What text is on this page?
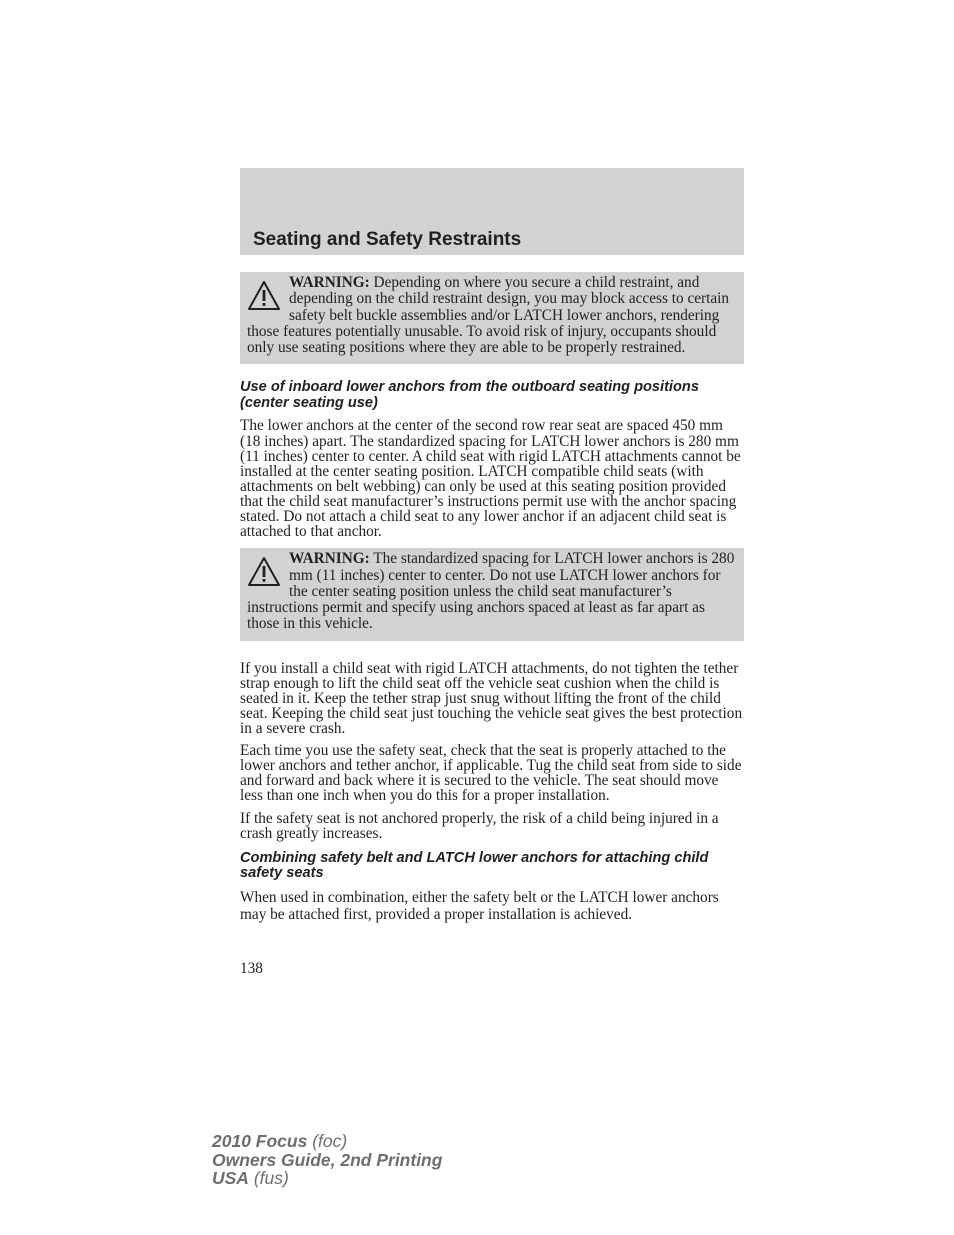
Seating and Safety Restraints
WARNING: Depending on where you secure a child restraint, and depending on the child restraint design, you may block access to certain safety belt buckle assemblies and/or LATCH lower anchors, rendering those features potentially unusable. To avoid risk of injury, occupants should only use seating positions where they are able to be properly restrained.
Use of inboard lower anchors from the outboard seating positions (center seating use)

The lower anchors at the center of the second row rear seat are spaced 450 mm (18 inches) apart. The standardized spacing for LATCH lower anchors is 280 mm (11 inches) center to center. A child seat with rigid LATCH attachments cannot be installed at the center seating position. LATCH compatible child seats (with attachments on belt webbing) can only be used at this seating position provided that the child seat manufacturer’s instructions permit use with the anchor spacing stated. Do not attach a child seat to any lower anchor if an adjacent child seat is attached to that anchor.

WARNING: The standardized spacing for LATCH lower anchors is 280 mm (11 inches) center to center. Do not use LATCH lower anchors for the center seating position unless the child seat manufacturer’s instructions permit and specify using anchors spaced at least as far apart as those in this vehicle.

If you install a child seat with rigid LATCH attachments, do not tighten the tether strap enough to lift the child seat off the vehicle seat cushion when the child is seated in it. Keep the tether strap just snug without lifting the front of the child seat. Keeping the child seat just touching the vehicle seat gives the best protection in a severe crash.

Each time you use the safety seat, check that the seat is properly attached to the lower anchors and tether anchor, if applicable. Tug the child seat from side to side and forward and back where it is secured to the vehicle. The seat should move less than one inch when you do this for a proper installation.

If the safety seat is not anchored properly, the risk of a child being injured in a crash greatly increases.

Combining safety belt and LATCH lower anchors for attaching child safety seats

When used in combination, either the safety belt or the LATCH lower anchors may be attached first, provided a proper installation is achieved.

138
2010 Focus (foc)
Owners Guide, 2nd Printing
USA (fus)
